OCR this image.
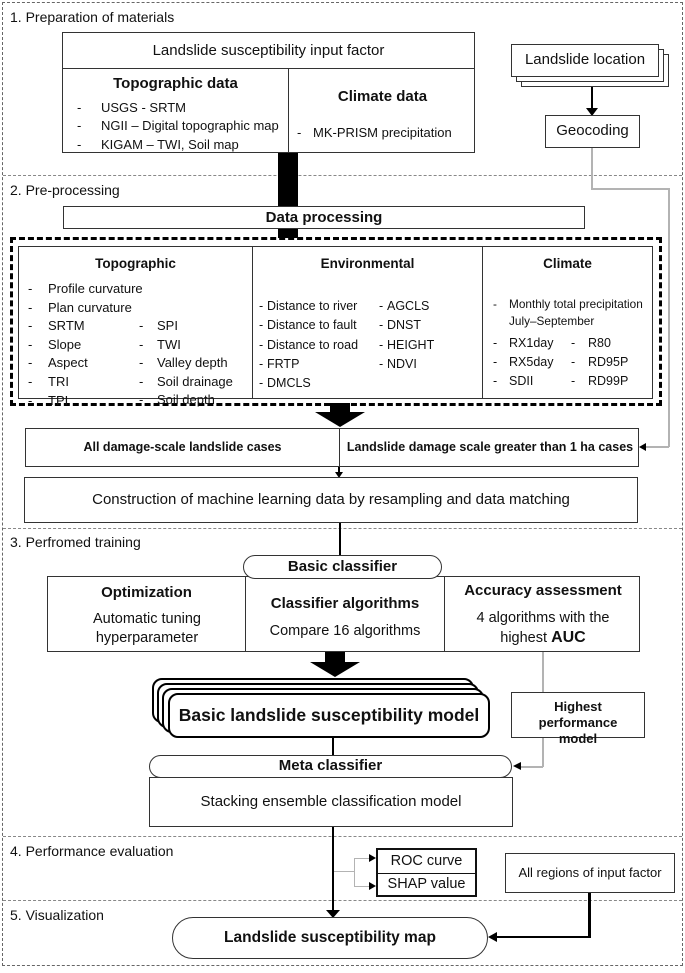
1. Preparation of materials
2. Pre-processing
3. Perfromed training
4. Performance evaluation
5. Visualization
Landslide susceptibility input factor
Topographic data
- USGS - SRTM
- NGII – Digital topographic map
- KIGAM – TWI, Soil map
Climate data
- MK-PRISM precipitation
Landslide location
Geocoding
Data processing
Topographic
- Profile curvature
- Plan curvature
- SRTM
- Slope
- Aspect
- TRI
- TPI
- SPI
- TWI
- Valley depth
- Soil drainage
- Soil depth
Environmental
- Distance to river
- Distance to fault
- Distance to road
- FRTP
- DMCLS
- AGCLS
- DNST
- HEIGHT
- NDVI
Climate
- Monthly total precipitation
July–September
- RX1day
- RX5day
- SDII
- R80
- RD95P
- RD99P
All damage-scale landslide cases	Landslide damage scale greater than 1 ha cases
Construction of machine learning data by resampling and data matching
Basic classifier
Optimization
Automatic tuning hyperparameter
Classifier algorithms
Compare 16 algorithms
Accuracy assessment
4 algorithms with the highest AUC
Basic landslide susceptibility model	Highest performance model
Meta classifier
Stacking ensemble classification model
ROC curve
SHAP value
All regions of input factor
Landslide susceptibility map
